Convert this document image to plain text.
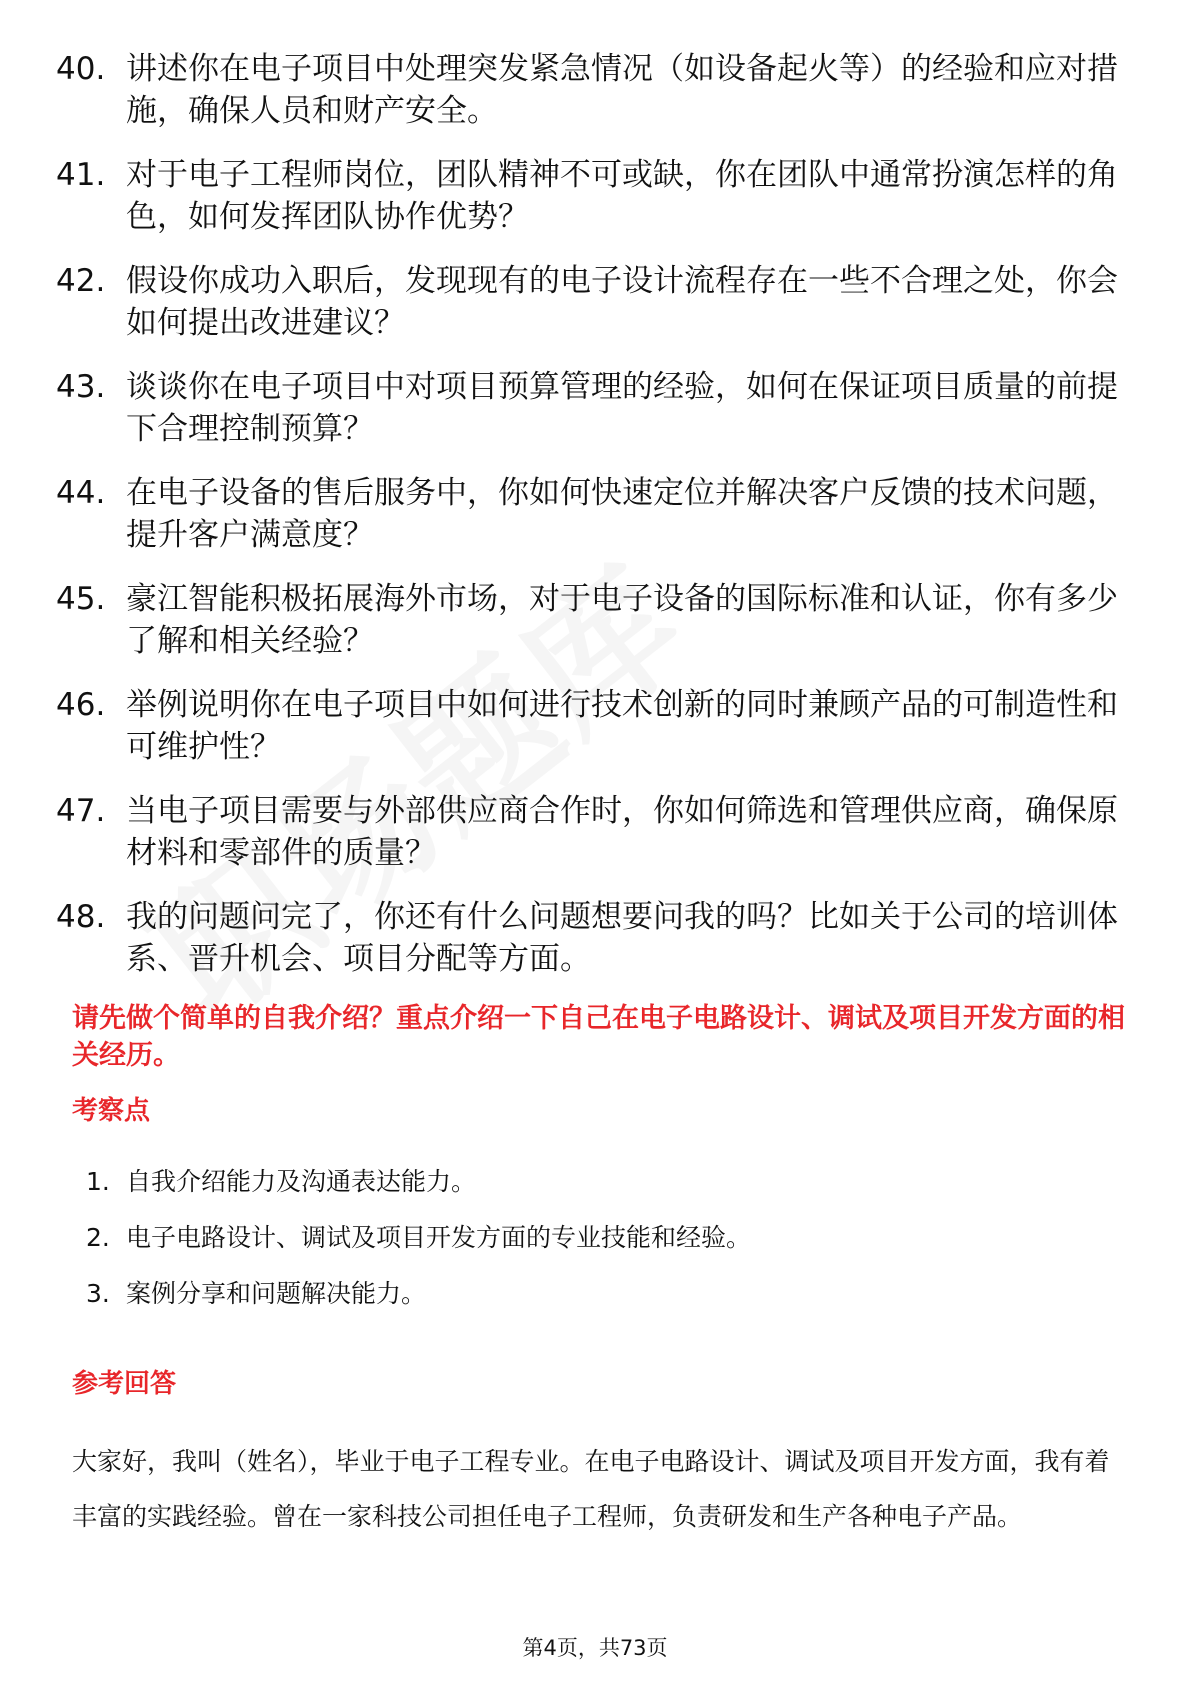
40. 讲述你在电子项目中处理突发紧急情况（如设备起火等）的经验和应对措施，确保人员和财产安全。
41. 对于电子工程师岗位，团队精神不可或缺，你在团队中通常扮演怎样的角色，如何发挥团队协作优势？
42. 假设你成功入职后，发现现有的电子设计流程存在一些不合理之处，你会如何提出改进建议？
43. 谈谈你在电子项目中对项目预算管理的经验，如何在保证项目质量的前提下合理控制预算？
44. 在电子设备的售后服务中，你如何快速定位并解决客户反馈的技术问题，提升客户满意度？
45. 豪江智能积极拓展海外市场，对于电子设备的国际标准和认证，你有多少了解和相关经验？
46. 举例说明你在电子项目中如何进行技术创新的同时兼顾产品的可制造性和可维护性？
47. 当电子项目需要与外部供应商合作时，你如何筛选和管理供应商，确保原材料和零部件的质量？
48. 我的问题问完了，你还有什么问题想要问我的吗？比如关于公司的培训体系、晋升机会、项目分配等方面。
请先做个简单的自我介绍？重点介绍一下自己在电子电路设计、调试及项目开发方面的相关经历。
考察点
1. 自我介绍能力及沟通表达能力。
2. 电子电路设计、调试及项目开发方面的专业技能和经验。
3. 案例分享和问题解决能力。
参考回答
大家好，我叫（姓名），毕业于电子工程专业。在电子电路设计、调试及项目开发方面，我有着丰富的实践经验。曾在一家科技公司担任电子工程师，负责研发和生产各种电子产品。
第4页，共73页
